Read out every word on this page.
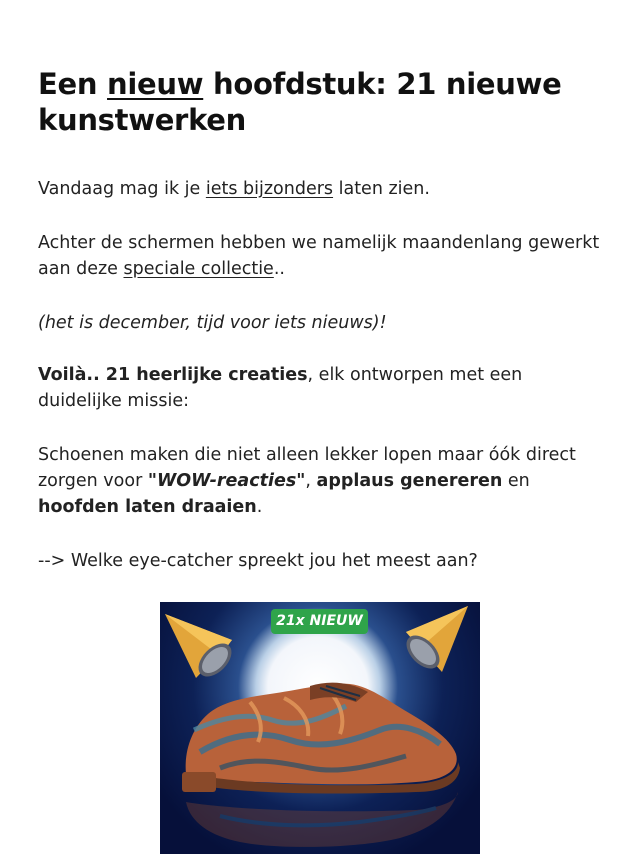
Een nieuw hoofdstuk: 21 nieuwe kunstwerken

Vandaag mag ik je iets bijzonders laten zien.

Achter de schermen hebben we namelijk maandenlang gewerkt aan deze speciale collectie..

(het is december, tijd voor iets nieuws)!

Voilà.. 21 heerlijke creaties, elk ontworpen met een duidelijke missie:

Schoenen maken die niet alleen lekker lopen maar óók direct zorgen voor "WOW-reacties", applaus genereren en hoofden laten draaien.

--> Welke eye-catcher spreekt jou het meest aan?

21x NIEUW
